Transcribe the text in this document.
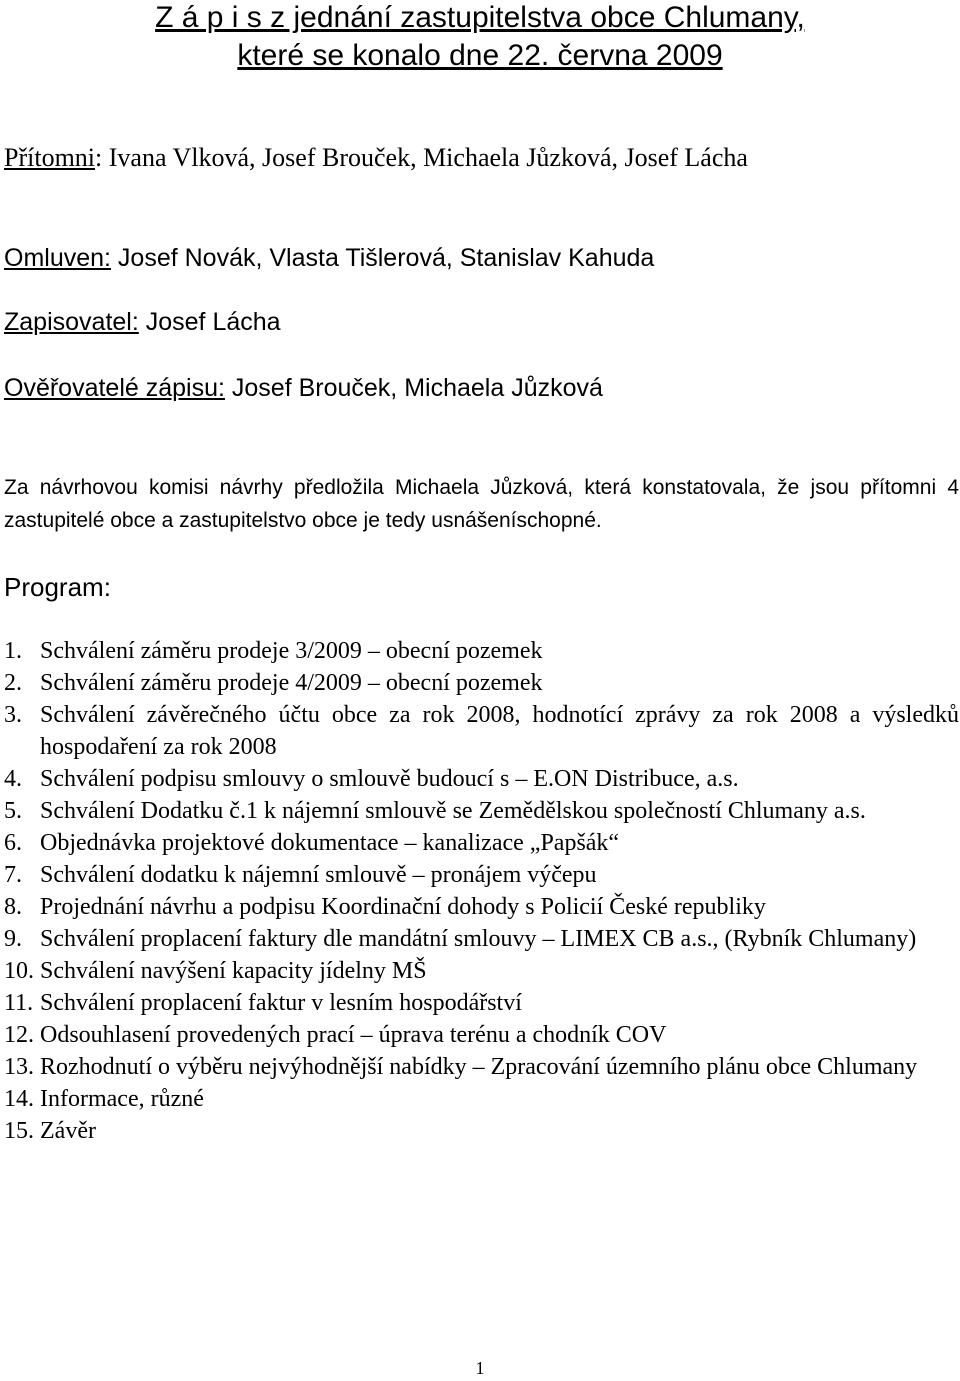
Z á p i s z jednání zastupitelstva obce Chlumany,
které se konalo dne 22. června 2009
Přítomni: Ivana Vlková, Josef Brouček, Michaela Jůzková, Josef Lácha
Omluven: Josef Novák, Vlasta Tišlerová, Stanislav Kahuda
Zapisovatel: Josef Lácha
Ověřovatelé zápisu: Josef Brouček, Michaela Jůzková
Za návrhovou komisi návrhy předložila Michaela Jůzková, která konstatovala, že jsou přítomni 4 zastupitelé obce a zastupitelstvo obce je tedy usnášeníschopné.
Program:
1. Schválení záměru prodeje 3/2009 – obecní pozemek
2. Schválení záměru prodeje 4/2009 – obecní pozemek
3. Schválení závěrečného účtu obce za rok 2008, hodnotící zprávy za rok 2008 a výsledků hospodaření za rok 2008
4. Schválení podpisu smlouvy o smlouvě budoucí s – E.ON Distribuce, a.s.
5. Schválení Dodatku č.1 k nájemní smlouvě se Zemědělskou společností Chlumany a.s.
6. Objednávka projektové dokumentace – kanalizace „Papšák“
7. Schválení dodatku k nájemní smlouvě – pronájem výčepu
8. Projednání návrhu a podpisu Koordinační dohody s Policií České republiky
9. Schválení proplacení faktury dle mandátní smlouvy – LIMEX CB a.s., (Rybník Chlumany)
10. Schválení navýšení kapacity jídelny MŠ
11. Schválení proplacení faktur v lesním hospodářství
12. Odsouhlasení provedených prací – úprava terénu a chodník COV
13. Rozhodnutí o výběru nejvýhodnější nabídky – Zpracování územního plánu obce Chlumany
14. Informace, různé
15. Závěr
1
